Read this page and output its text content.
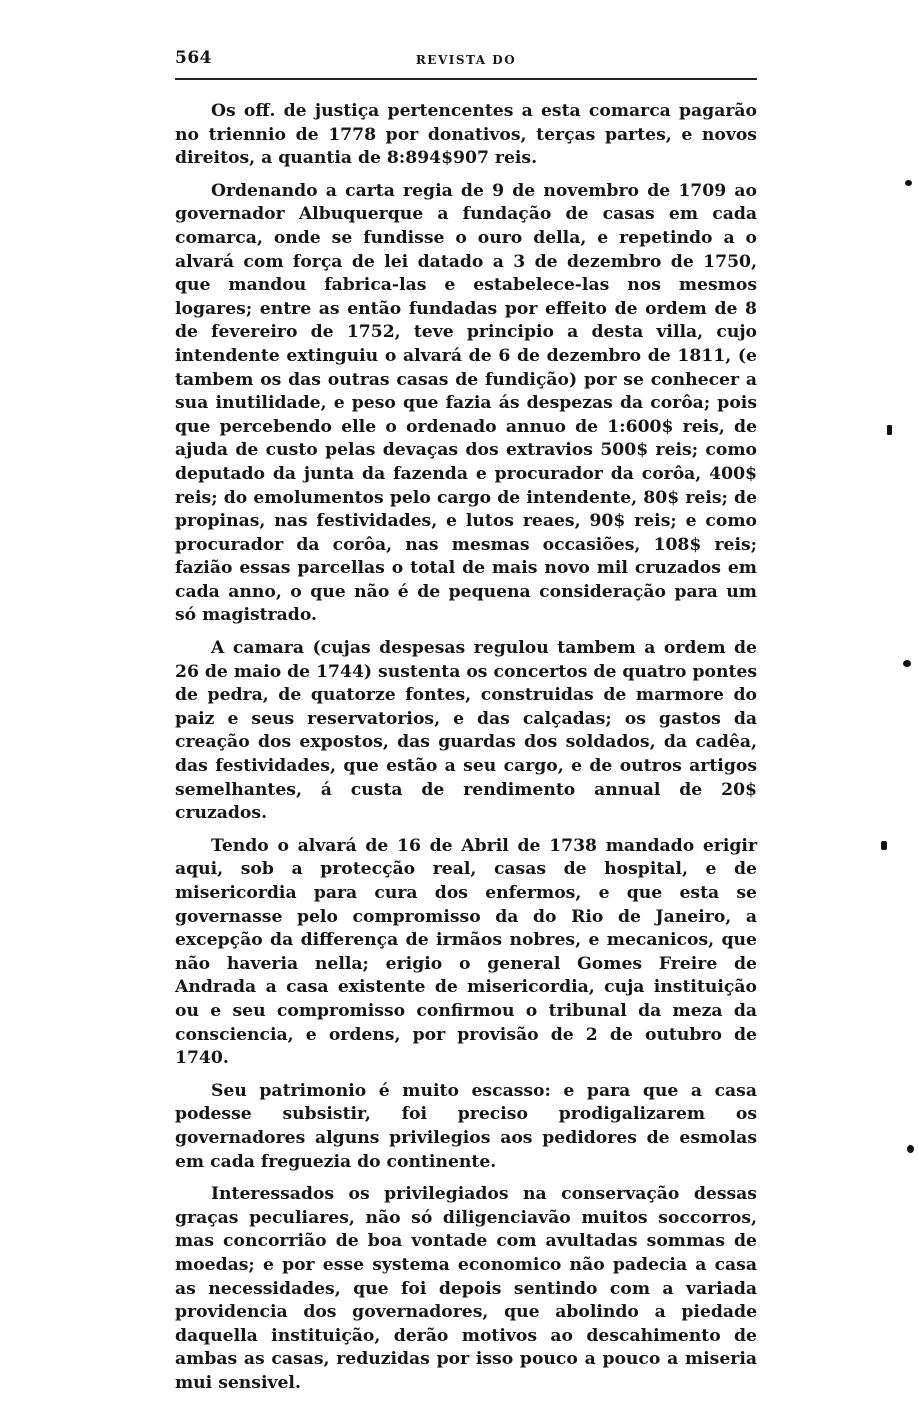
564	REVISTA DO

Os off. de justiça pertencentes a esta comarca pagarão no triennio de 1778 por donativos, terças partes, e novos direitos, a quantia de 8:894$907 reis.

Ordenando a carta regia de 9 de novembro de 1709 ao governador Albuquerque a fundação de casas em cada comarca, onde se fundisse o ouro della, e repetindo a o alvará com força de lei datado a 3 de dezembro de 1750, que mandou fabrica-las e estabelece-las nos mesmos logares; entre as então fundadas por effeito de ordem de 8 de fevereiro de 1752, teve principio a desta villa, cujo intendente extinguiu o alvará de 6 de dezembro de 1811, (e tambem os das outras casas de fundição) por se conhecer a sua inutilidade, e peso que fazia ás despezas da corôa; pois que percebendo elle o ordenado annuo de 1:600$ reis, de ajuda de custo pelas devaças dos extravios 500$ reis; como deputado da junta da fazenda e procurador da corôa, 400$ reis; do emolumentos pelo cargo de intendente, 80$ reis; de propinas, nas festividades, e lutos reaes, 90$ reis; e como procurador da corôa, nas mesmas occasiões, 108$ reis; fazião essas parcellas o total de mais novo mil cruzados em cada anno, o que não é de pequena consideração para um só magistrado.

A camara (cujas despesas regulou tambem a ordem de 26 de maio de 1744) sustenta os concertos de quatro pontes de pedra, de quatorze fontes, construidas de marmore do paiz e seus reservatorios, e das calçadas; os gastos da creação dos expostos, das guardas dos soldados, da cadêa, das festividades, que estão a seu cargo, e de outros artigos semelhantes, á custa de rendimento annual de 20$ cruzados.

Tendo o alvará de 16 de Abril de 1738 mandado erigir aqui, sob a protecção real, casas de hospital, e de misericordia para cura dos enfermos, e que esta se governasse pelo compromisso da do Rio de Janeiro, a excepção da differença de irmãos nobres, e mecanicos, que não haveria nella; erigio o general Gomes Freire de Andrada a casa existente de misericordia, cuja instituição ou e seu compromisso confirmou o tribunal da meza da consciencia, e ordens, por provisão de 2 de outubro de 1740.

Seu patrimonio é muito escasso: e para que a casa podesse subsistir, foi preciso prodigalizarem os governadores alguns privilegios aos pedidores de esmolas em cada freguezia do continente.

Interessados os privilegiados na conservação dessas graças peculiares, não só diligenciavão muitos soccorros, mas concorrião de boa vontade com avultadas sommas de moedas; e por esse systema economico não padecia a casa as necessidades, que foi depois sentindo com a variada providencia dos governadores, que abolindo a piedade daquella instituição, derão motivos ao descahimento de ambas as casas, reduzidas por isso pouco a pouco a miseria mui sensivel.
